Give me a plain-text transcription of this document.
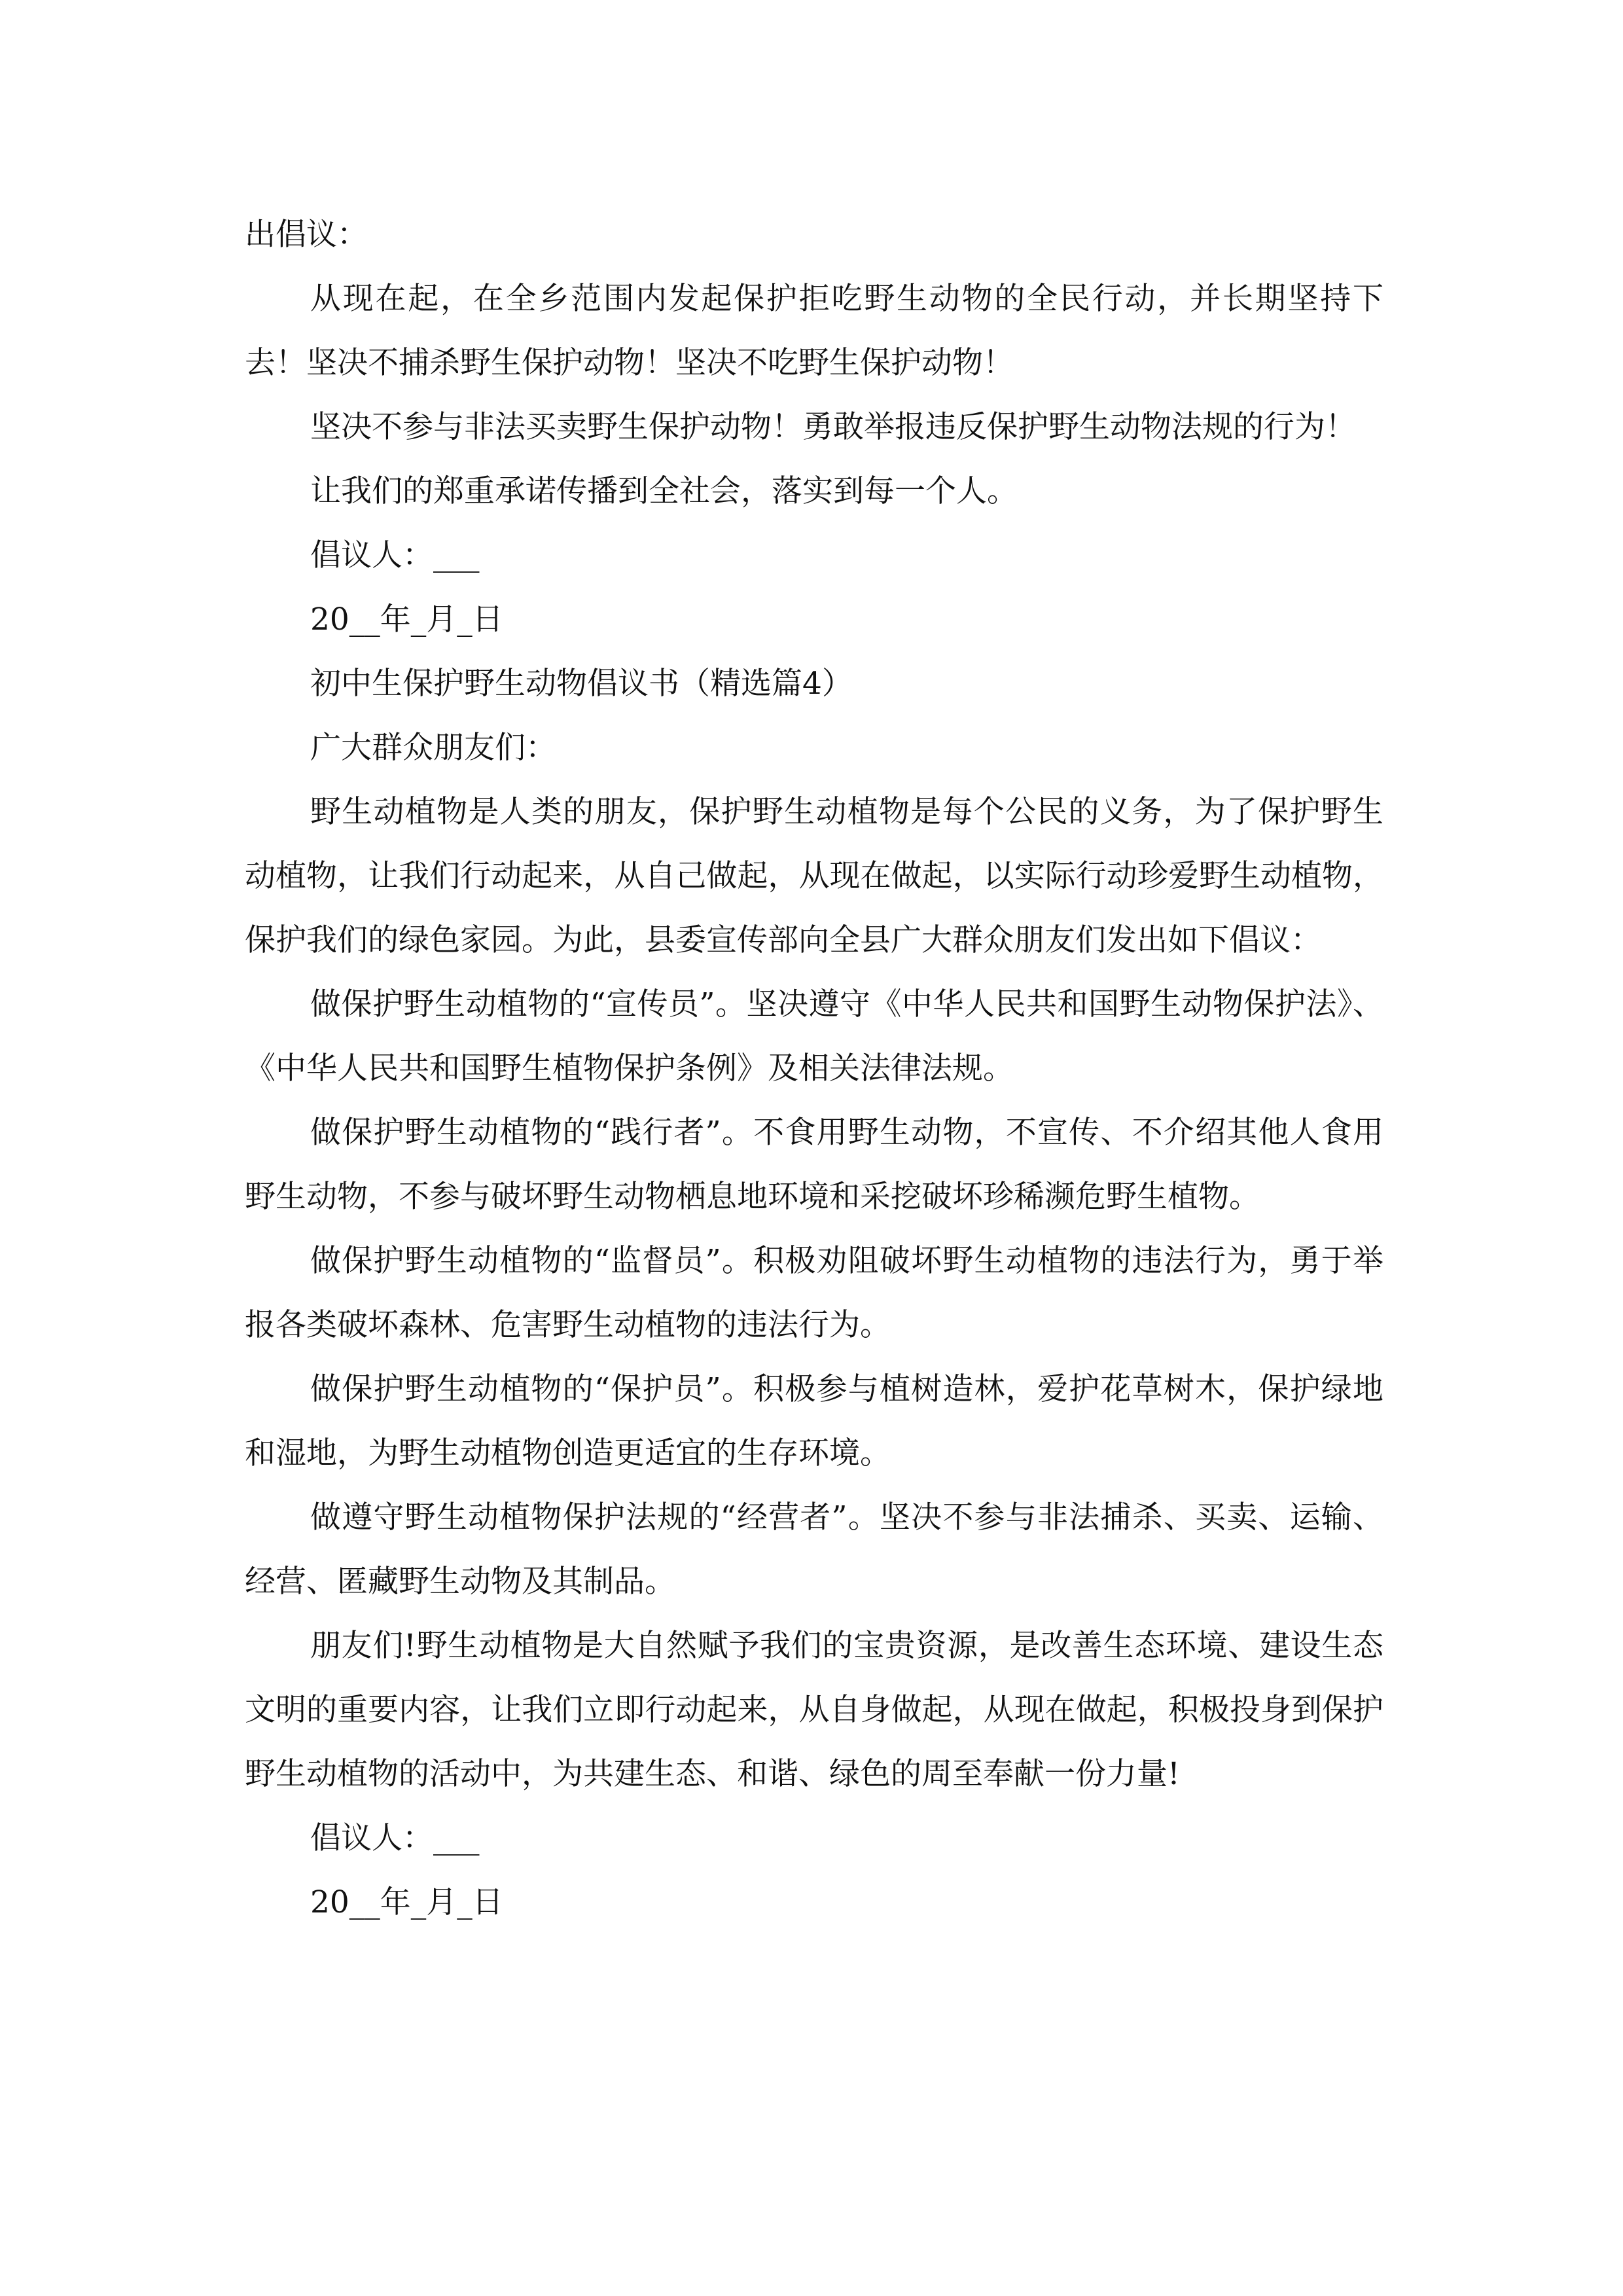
出倡议：

从现在起，在全乡范围内发起保护拒吃野生动物的全民行动，并长期坚持下去！坚决不捕杀野生保护动物！坚决不吃野生保护动物！

坚决不参与非法买卖野生保护动物！勇敢举报违反保护野生动物法规的行为！

让我们的郑重承诺传播到全社会，落实到每一个人。

倡议人：___

20__年_月_日

初中生保护野生动物倡议书（精选篇4）

广大群众朋友们：

野生动植物是人类的朋友，保护野生动植物是每个公民的义务，为了保护野生动植物，让我们行动起来，从自己做起，从现在做起，以实际行动珍爱野生动植物，保护我们的绿色家园。为此，县委宣传部向全县广大群众朋友们发出如下倡议：

做保护野生动植物的“宣传员”。坚决遵守《中华人民共和国野生动物保护法》、《中华人民共和国野生植物保护条例》及相关法律法规。

做保护野生动植物的“践行者”。不食用野生动物，不宣传、不介绍其他人食用野生动物，不参与破坏野生动物栖息地环境和采挖破坏珍稀濒危野生植物。

做保护野生动植物的“监督员”。积极劝阻破坏野生动植物的违法行为，勇于举报各类破坏森林、危害野生动植物的违法行为。

做保护野生动植物的“保护员”。积极参与植树造林，爱护花草树木，保护绿地和湿地，为野生动植物创造更适宜的生存环境。

做遵守野生动植物保护法规的“经营者”。坚决不参与非法捕杀、买卖、运输、经营、匿藏野生动物及其制品。

朋友们!野生动植物是大自然赋予我们的宝贵资源，是改善生态环境、建设生态文明的重要内容，让我们立即行动起来，从自身做起，从现在做起，积极投身到保护野生动植物的活动中，为共建生态、和谐、绿色的周至奉献一份力量!

倡议人：___

20__年_月_日
